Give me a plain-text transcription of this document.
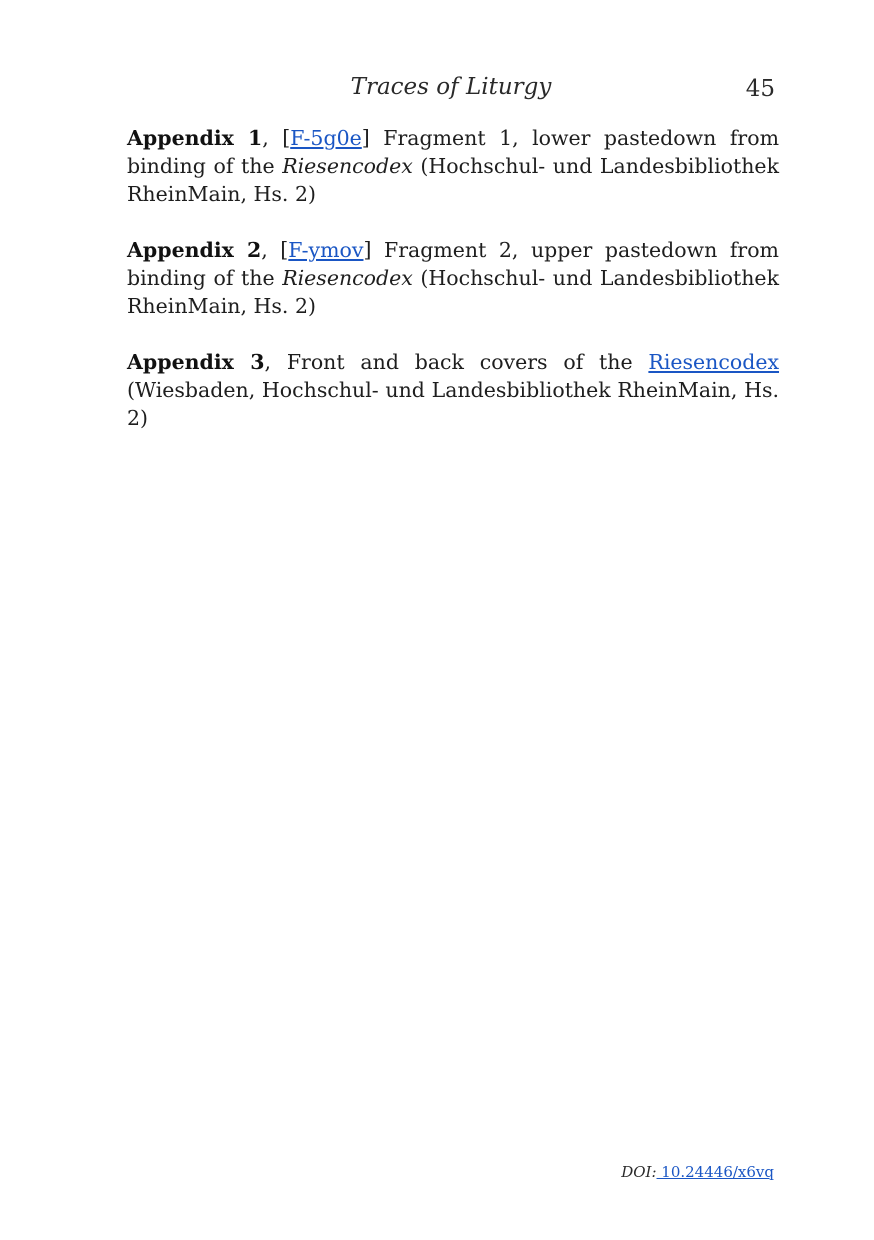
Traces of Liturgy	45

Appendix 1, [F-5g0e] Fragment 1, lower pastedown from binding of the Riesencodex (Hochschul- und Landesbibliothek RheinMain, Hs. 2)

Appendix 2, [F-ymov] Fragment 2, upper pastedown from binding of the Riesencodex (Hochschul- und Landesbibliothek RheinMain, Hs. 2)

Appendix 3, Front and back covers of the Riesencodex (Wiesbaden, Hochschul- und Landesbibliothek RheinMain, Hs. 2)

DOI: 10.24446/x6vq
